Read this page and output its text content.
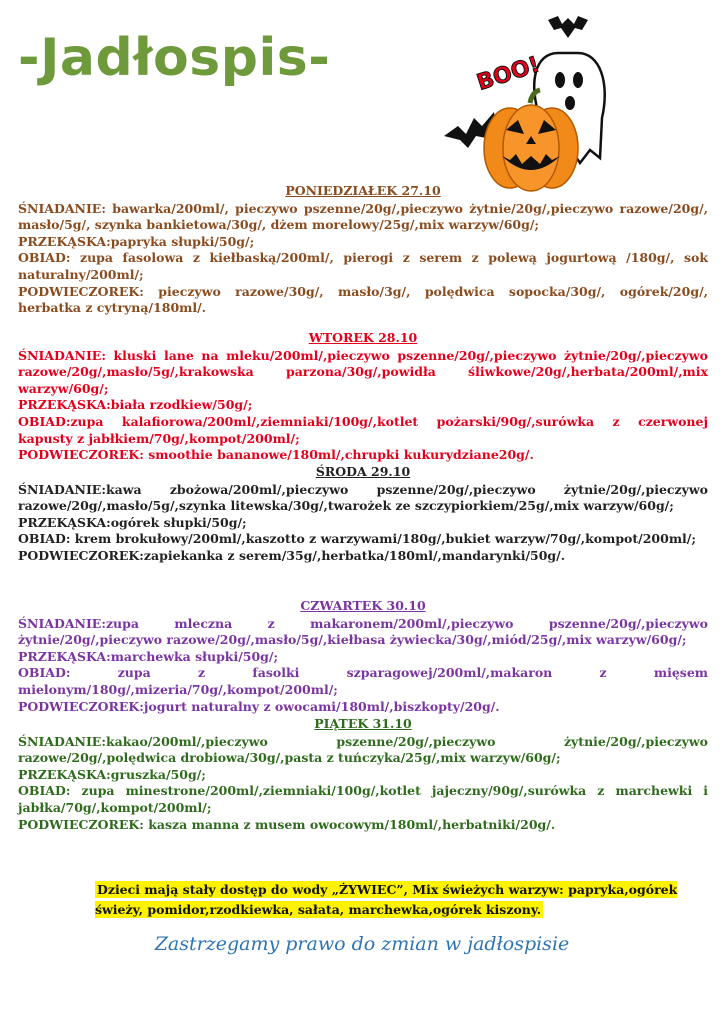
-Jadłospis-	BOO!
PONIEDZIAŁEK 27.10

ŚNIADANIE: bawarka/200ml/, pieczywo pszenne/20g/,pieczywo żytnie/20g/,pieczywo razowe/20g/, masło/5g/, szynka bankietowa/30g/, dżem morelowy/25g/,mix warzyw/60g/;

PRZEKĄSKA:papryka słupki/50g/;

OBIAD: zupa fasolowa z kiełbaską/200ml/, pierogi z serem z polewą jogurtową /180g/, sok naturalny/200ml/;

PODWIECZOREK: pieczywo razowe/30g/, masło/3g/, polędwica sopocka/30g/, ogórek/20g/, herbatka z cytryną/180ml/.

WTOREK 28.10

ŚNIADANIE: kluski lane na mleku/200ml/,pieczywo pszenne/20g/,pieczywo żytnie/20g/,pieczywo razowe/20g/,masło/5g/,krakowska parzona/30g/,powidła śliwkowe/20g/,herbata/200ml/,mix warzyw/60g/;

PRZEKĄSKA:biała rzodkiew/50g/;

OBIAD:zupa kalafiorowa/200ml/,ziemniaki/100g/,kotlet pożarski/90g/,surówka z czerwonej kapusty z jabłkiem/70g/,kompot/200ml/;

PODWIECZOREK: smoothie bananowe/180ml/,chrupki kukurydziane20g/.

ŚRODA 29.10

ŚNIADANIE:kawa zbożowa/200ml/,pieczywo pszenne/20g/,pieczywo żytnie/20g/,pieczywo razowe/20g/,masło/5g/,szynka litewska/30g/,twarożek ze szczypiorkiem/25g/,mix warzyw/60g/;

PRZEKĄSKA:ogórek słupki/50g/;

OBIAD: krem brokułowy/200ml/,kaszotto z warzywami/180g/,bukiet warzyw/70g/,kompot/200ml/;

PODWIECZOREK:zapiekanka z serem/35g/,herbatka/180ml/,mandarynki/50g/.

CZWARTEK 30.10

ŚNIADANIE:zupa mleczna z makaronem/200ml/,pieczywo pszenne/20g/,pieczywo żytnie/20g/,pieczywo razowe/20g/,masło/5g/,kiełbasa żywiecka/30g/,miód/25g/,mix warzyw/60g/;

PRZEKĄSKA:marchewka słupki/50g/;

OBIAD: zupa z fasolki szparagowej/200ml/,makaron z mięsem mielonym/180g/,mizeria/70g/,kompot/200ml/;

PODWIECZOREK:jogurt naturalny z owocami/180ml/,biszkopty/20g/.

PIĄTEK 31.10

ŚNIADANIE:kakao/200ml/,pieczywo pszenne/20g/,pieczywo żytnie/20g/,pieczywo razowe/20g/,polędwica drobiowa/30g/,pasta z tuńczyka/25g/,mix warzyw/60g/;

PRZEKĄSKA:gruszka/50g/;

OBIAD: zupa minestrone/200ml/,ziemniaki/100g/,kotlet jajeczny/90g/,surówka z marchewki i jabłka/70g/,kompot/200ml/;

PODWIECZOREK: kasza manna z musem owocowym/180ml/,herbatniki/20g/.

Dzieci mają stały dostęp do wody „ŻYWIEC”, Mix świeżych warzyw: papryka,ogórek świeży, pomidor,rzodkiewka, sałata, marchewka,ogórek kiszony.
Zastrzegamy prawo do zmian w jadłospisie
